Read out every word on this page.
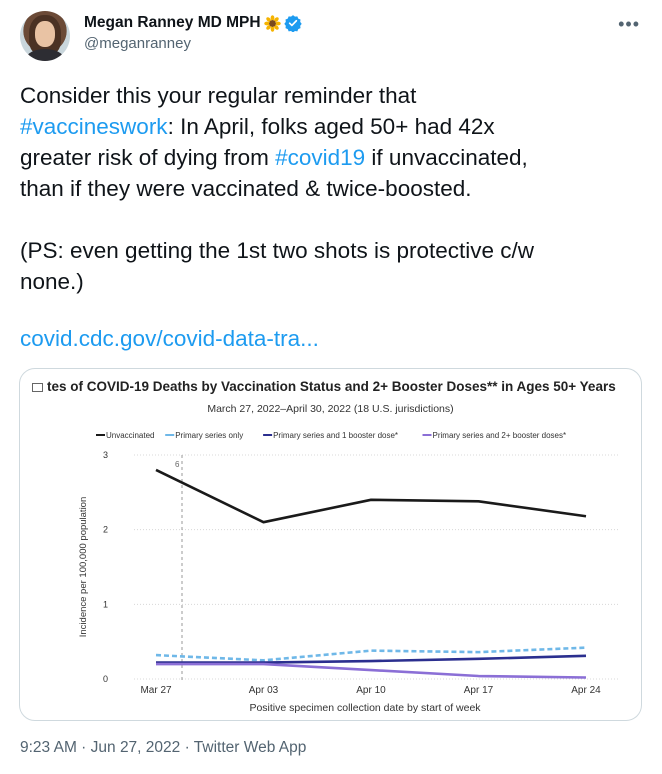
Megan Ranney MD MPH
@meganranney
•••

Consider this your regular reminder that

#vaccineswork: In April, folks aged 50+ had 42x

greater risk of dying from #covid19 if unvaccinated,

than if they were vaccinated & twice-boosted.

(PS: even getting the 1st two shots is protective c/w

none.)

covid.cdc.gov/covid-data-tra...
tes of COVID-19 Deaths by Vaccination Status and 2+ Booster Doses** in Ages 50+ Years
March 27, 2022–April 30, 2022 (18 U.S. jurisdictions)
Unvaccinated	Primary series only	Primary series and 1 booster dose*	Primary series and 2+ booster doses*
0
1
2
3
6
Mar 27	Apr 03	Apr 10	Apr 17	Apr 24
Positive specimen collection date by start of week
Incidence per 100,000 population
9:23 AM · Jun 27, 2022 · Twitter Web App
